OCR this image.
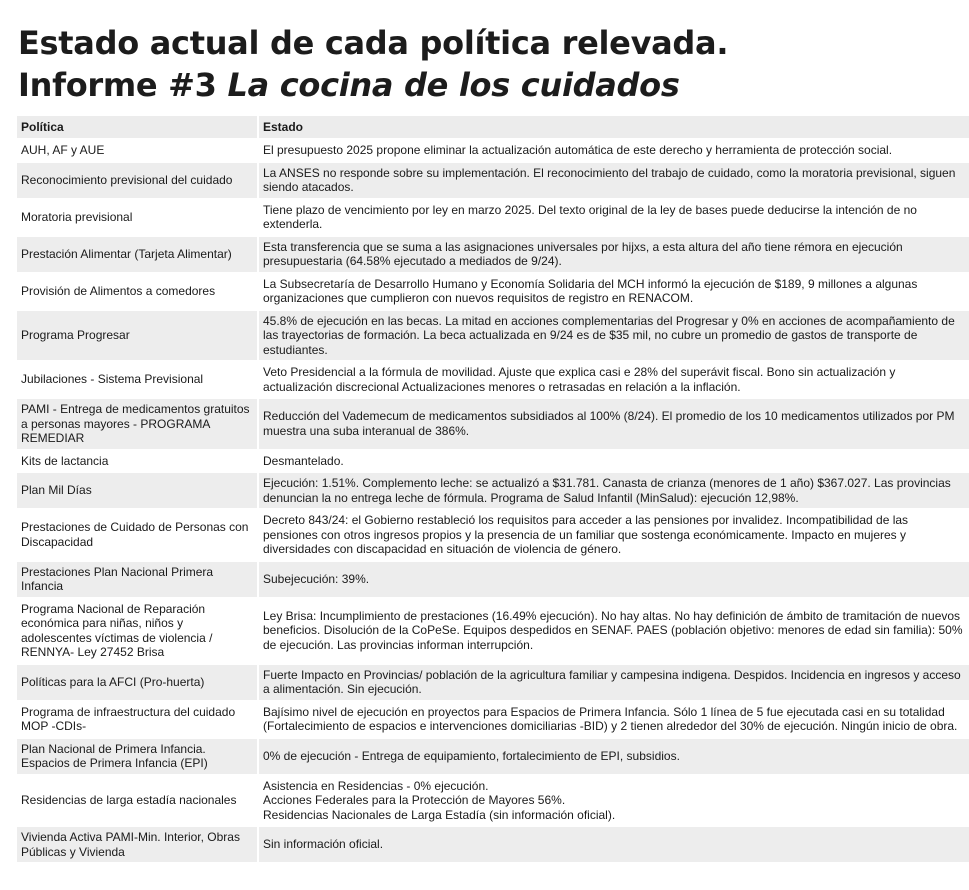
Estado actual de cada política relevada.
Informe #3 La cocina de los cuidados
Política	Estado
AUH, AF y AUE	El presupuesto 2025 propone eliminar la actualización automática de este derecho y herramienta de protección social.
Reconocimiento previsional del cuidado	La ANSES no responde sobre su implementación. El reconocimiento del trabajo de cuidado, como la moratoria previsional, siguen siendo atacados.
Moratoria previsional	Tiene plazo de vencimiento por ley en marzo 2025. Del texto original de la ley de bases puede deducirse la intención de no extenderla.
Prestación Alimentar (Tarjeta Alimentar)	Esta transferencia que se suma a las asignaciones universales por hijxs, a esta altura del año tiene rémora en ejecución presupuestaria (64.58% ejecutado a mediados de 9/24).
Provisión de Alimentos a comedores	La Subsecretaría de Desarrollo Humano y Economía Solidaria del MCH informó la ejecución de $189, 9 millones a algunas organizaciones que cumplieron con nuevos requisitos de registro en RENACOM.
Programa Progresar	45.8% de ejecución en las becas. La mitad en acciones complementarias del Progresar y 0% en acciones de acompañamiento de las trayectorias de formación. La beca actualizada en 9/24 es de $35 mil, no cubre un promedio de gastos de transporte de estudiantes.
Jubilaciones - Sistema Previsional	Veto Presidencial a la fórmula de movilidad. Ajuste que explica casi e 28% del superávit fiscal. Bono sin actualización y actualización discrecional Actualizaciones menores o retrasadas en relación a la inflación.
PAMI - Entrega de medicamentos gratuitos a personas mayores - PROGRAMA REMEDIAR	Reducción del Vademecum de medicamentos subsidiados al 100% (8/24). El promedio de los 10 medicamentos utilizados por PM muestra una suba interanual de 386%.
Kits de lactancia	Desmantelado.
Plan Mil Días	Ejecución: 1.51%. Complemento leche: se actualizó a $31.781. Canasta de crianza (menores de 1 año) $367.027. Las provincias denuncian la no entrega leche de fórmula. Programa de Salud Infantil (MinSalud): ejecución 12,98%.
Prestaciones de Cuidado de Personas con Discapacidad	Decreto 843/24: el Gobierno restableció los requisitos para acceder a las pensiones por invalidez. Incompatibilidad de las pensiones con otros ingresos propios y la presencia de un familiar que sostenga económicamente. Impacto en mujeres y diversidades con discapacidad en situación de violencia de género.
Prestaciones Plan Nacional Primera Infancia	Subejecución: 39%.
Programa Nacional de Reparación económica para niñas, niños y adolescentes víctimas de violencia / RENNYA- Ley 27452 Brisa	Ley Brisa: Incumplimiento de prestaciones (16.49% ejecución). No hay altas. No hay definición de ámbito de tramitación de nuevos beneficios. Disolución de la CoPeSe. Equipos despedidos en SENAF. PAES (población objetivo: menores de edad sin familia): 50% de ejecución. Las provincias informan interrupción.
Políticas para la AFCI (Pro-huerta)	Fuerte Impacto en Provincias/ población de la agricultura familiar y campesina indigena. Despidos. Incidencia en ingresos y acceso a alimentación. Sin ejecución.
Programa de infraestructura del cuidado MOP -CDIs-	Bajísimo nivel de ejecución en proyectos para Espacios de Primera Infancia. Sólo 1 línea de 5 fue ejecutada casi en su totalidad (Fortalecimiento de espacios e intervenciones domiciliarias -BID) y 2 tienen alrededor del 30% de ejecución. Ningún inicio de obra.
Plan Nacional de Primera Infancia. Espacios de Primera Infancia (EPI)	0% de ejecución - Entrega de equipamiento, fortalecimiento de EPI, subsidios.
Residencias de larga estadía nacionales	Asistencia en Residencias - 0% ejecución.
Acciones Federales para la Protección de Mayores 56%.
Residencias Nacionales de Larga Estadía (sin información oficial).

Vivienda Activa PAMI-Min. Interior, Obras Públicas y Vivienda	Sin información oficial.
